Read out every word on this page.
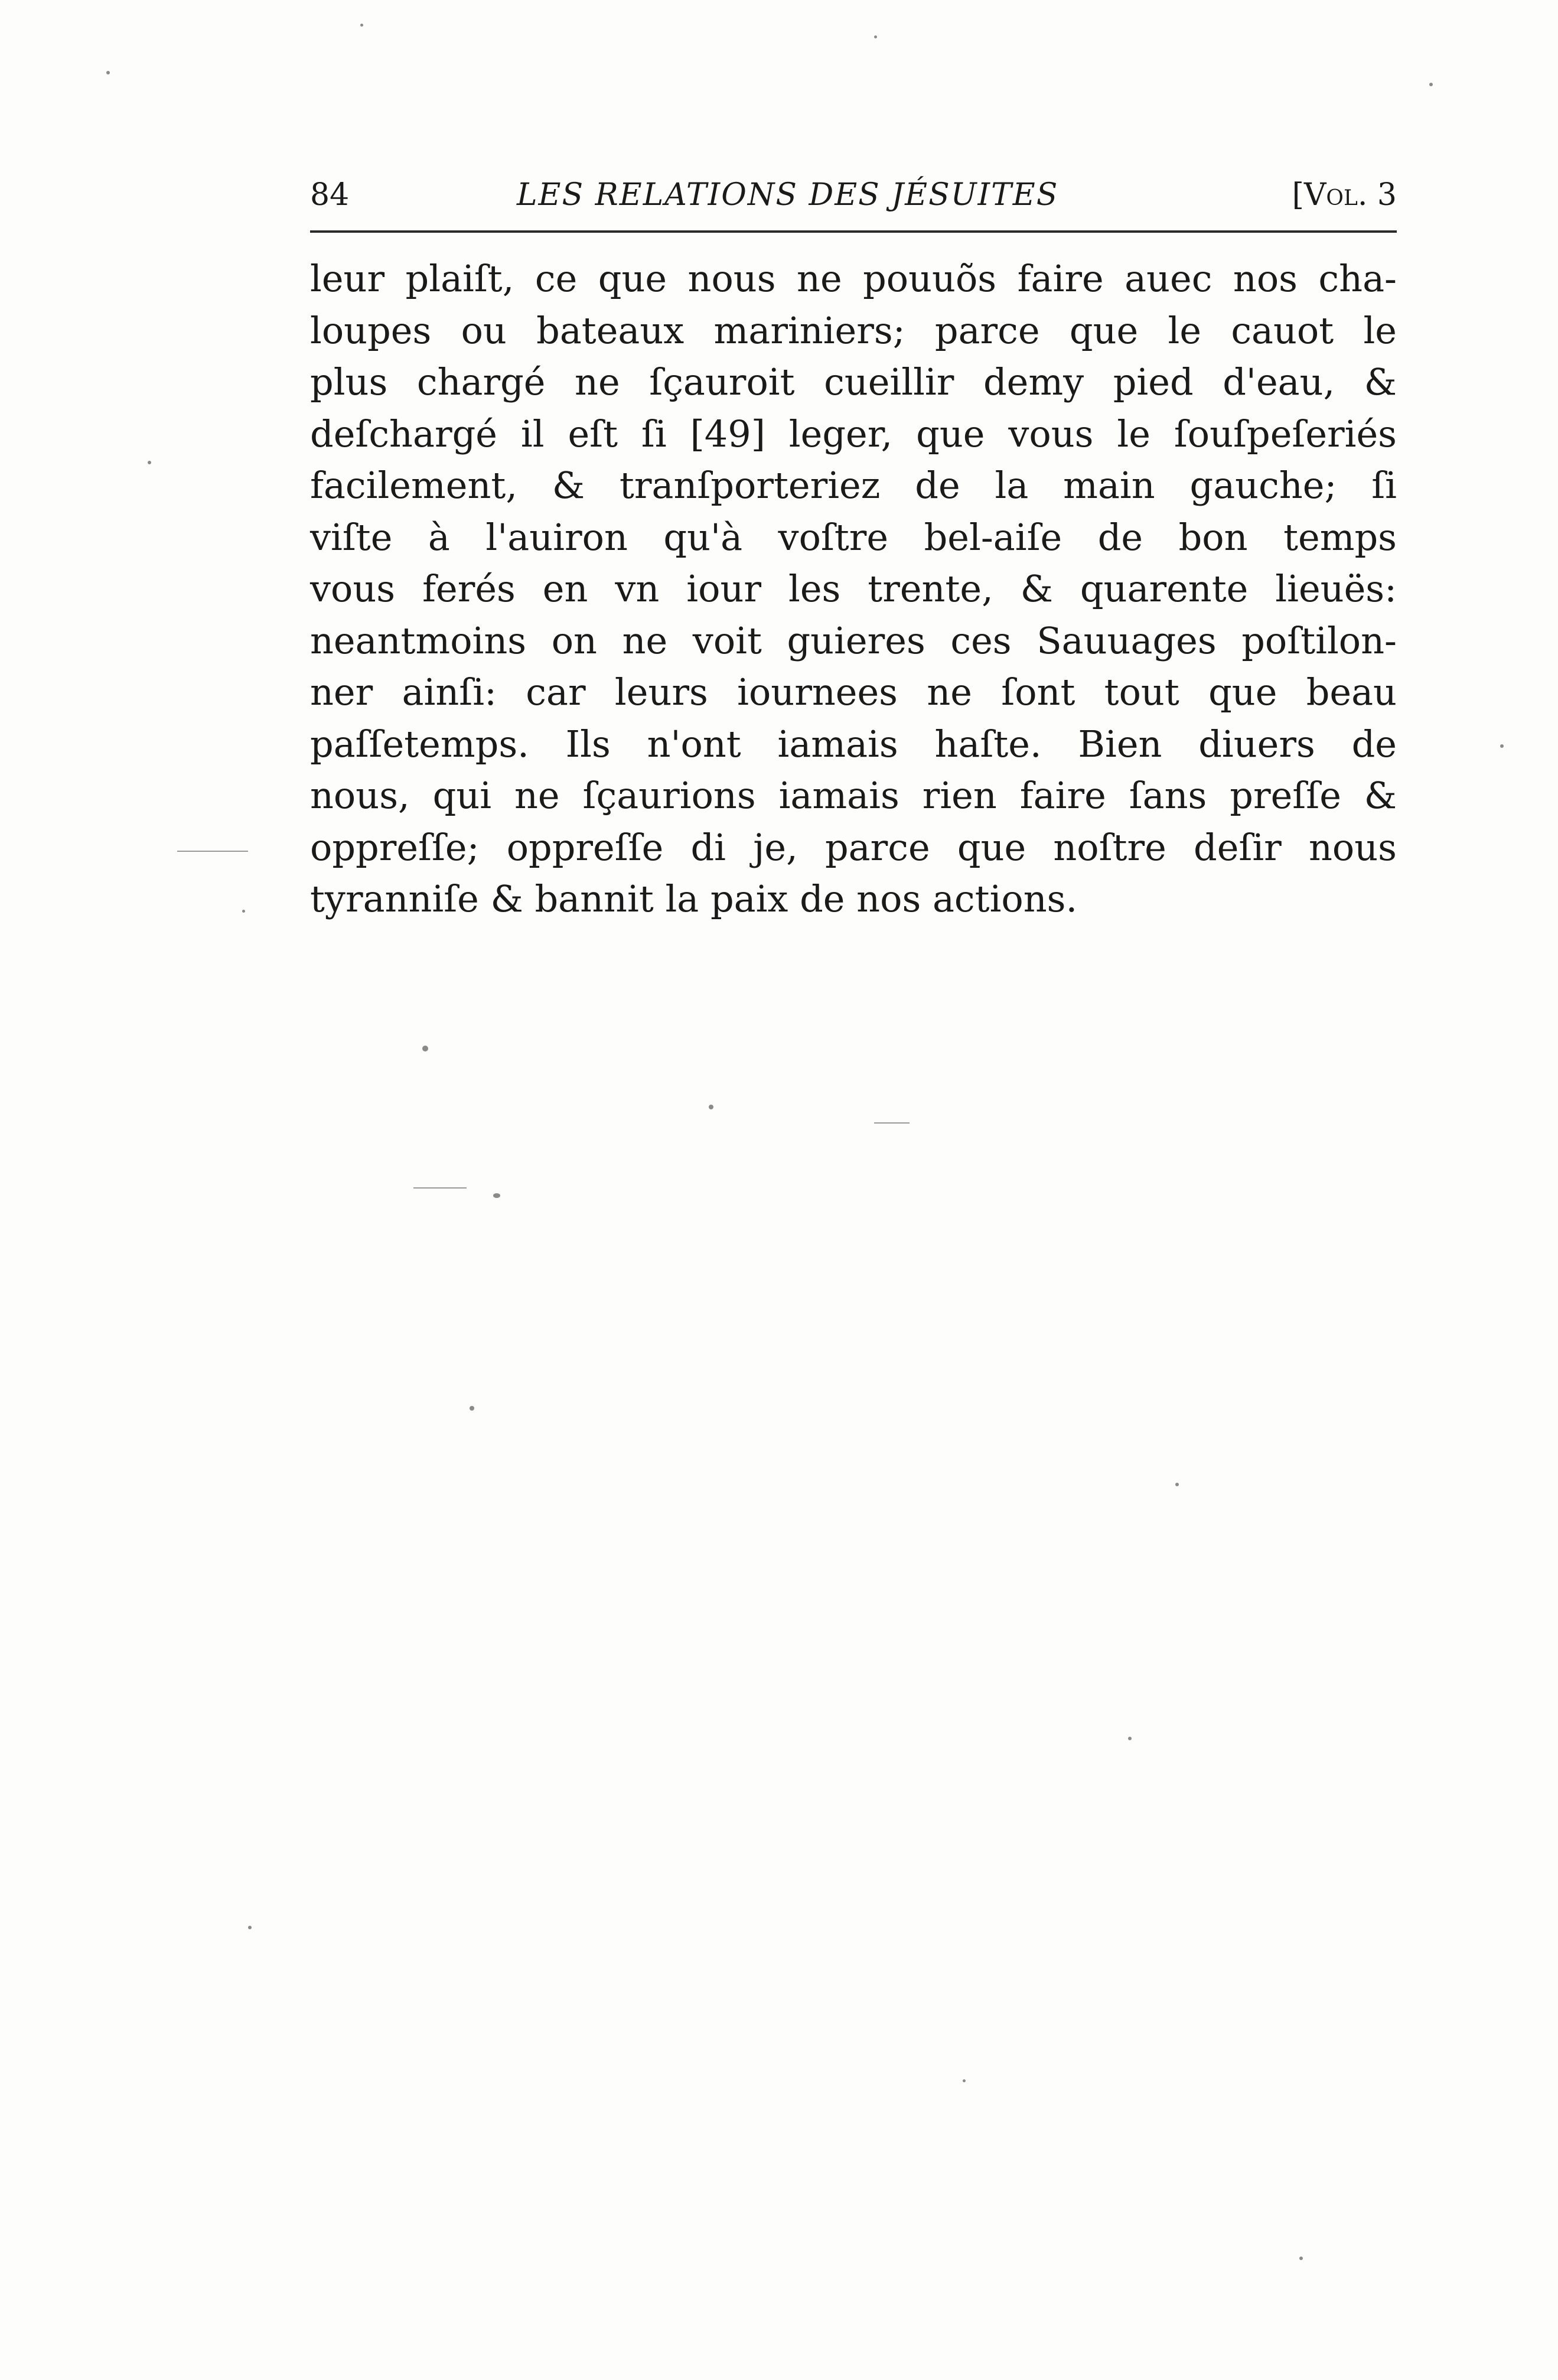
84	LES RELATIONS DES JÉSUITES	[Vol. 3
leur plaiſt, ce que nous ne pouuõs faire auec nos cha-
loupes ou bateaux mariniers; parce que le cauot le
plus chargé ne ſçauroit cueillir demy pied d'eau, &
deſchargé il eſt ſi [49] leger, que vous le ſouſpeſeriés
facilement, & tranſporteriez de la main gauche; ſi
viſte à l'auiron qu'à voſtre bel-aiſe de bon temps
vous ferés en vn iour les trente, & quarente lieuës:
neantmoins on ne voit guieres ces Sauuages poſtilon-
ner ainſi: car leurs iournees ne ſont tout que beau
paſſetemps. Ils n'ont iamais haſte. Bien diuers de
nous, qui ne ſçaurions iamais rien faire ſans preſſe &
oppreſſe; oppreſſe di je, parce que noſtre deſir nous
tyranniſe & bannit la paix de nos actions.
